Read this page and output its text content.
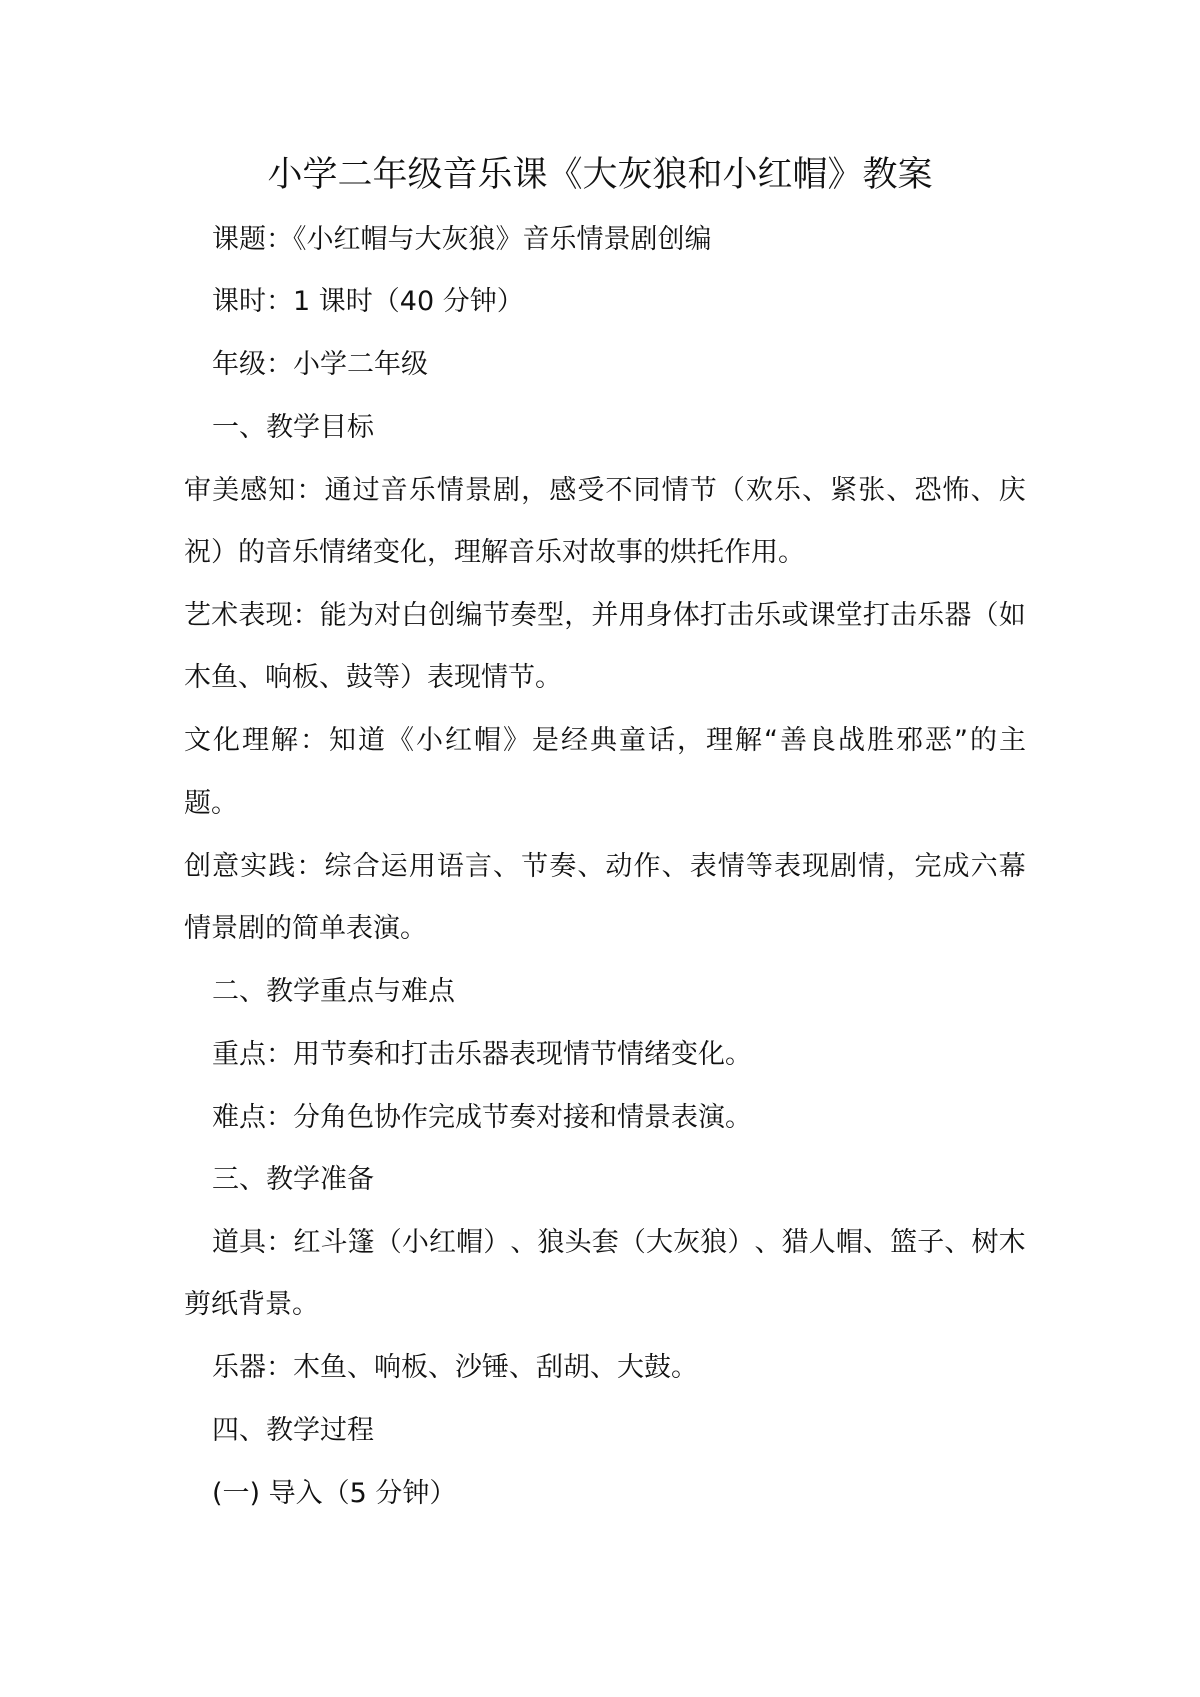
小学二年级音乐课《大灰狼和小红帽》教案
课题：《小红帽与大灰狼》音乐情景剧创编
课时：1 课时（40 分钟）
年级：小学二年级
一、教学目标
审 美 感 知 ： 通 过 音 乐 情 景 剧 ， 感 受 不 同 情 节 （ 欢 乐 、 紧 张 、 恐 怖 、 庆
祝）的音乐情绪变化，理解音乐对故事的烘托作用。
艺 术 表 现 ： 能 为 对 白 创 编 节 奏 型 ， 并 用 身 体 打 击 乐 或 课 堂 打 击 乐 器 （ 如
木鱼、响板、鼓等）表现情节。
文 化 理 解 ： 知 道 《 小 红 帽 》 是 经 典 童 话 ， 理 解 “ 善 良 战 胜 邪 恶 ” 的 主
题。
创 意 实 践 ： 综 合 运 用 语 言 、 节 奏 、 动 作 、 表 情 等 表 现 剧 情 ， 完 成 六 幕
情景剧的简单表演。
二、教学重点与难点
重点：用节奏和打击乐器表现情节情绪变化。
难点：分角色协作完成节奏对接和情景表演。
三、教学准备
道 具 ： 红 斗 篷 （ 小 红 帽 ） 、 狼 头 套 （ 大 灰 狼 ） 、 猎 人 帽 、 篮 子 、 树 木
剪纸背景。
乐器：木鱼、响板、沙锤、刮胡、大鼓。
四、教学过程
(一) 导入（5 分钟）
